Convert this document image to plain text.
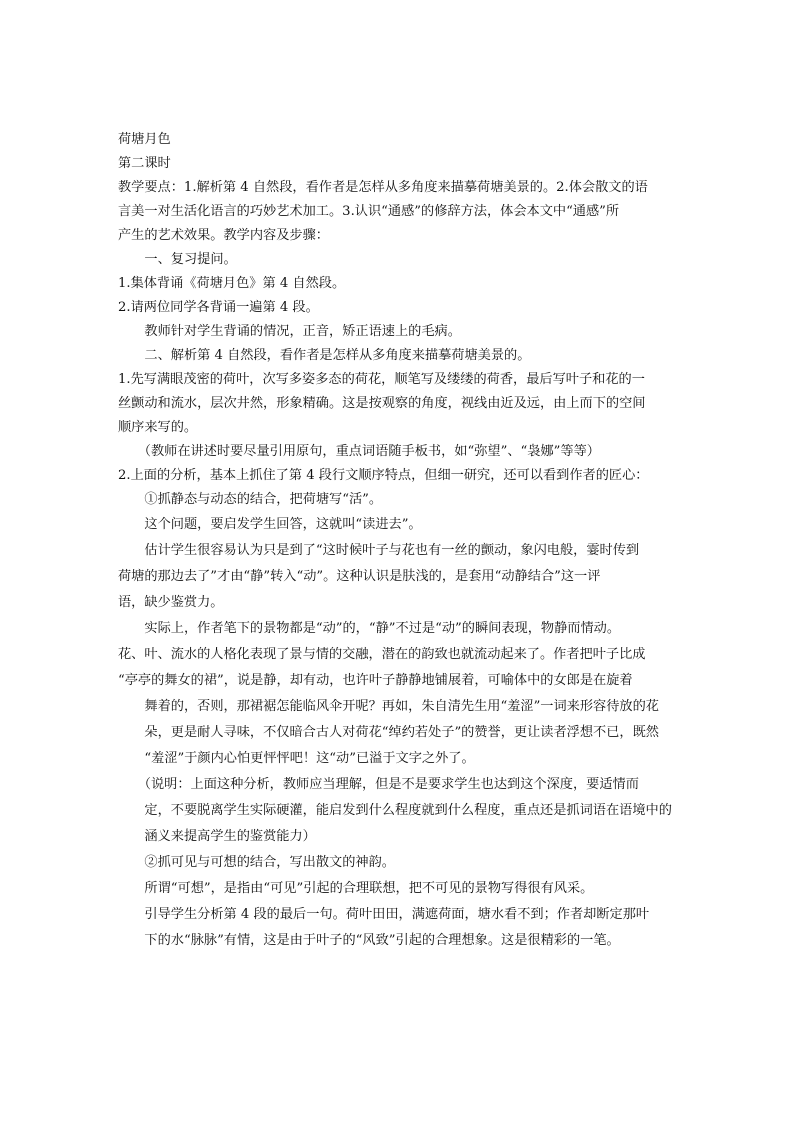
荷塘月色
第二课时
教学要点：1.解析第 4 自然段，看作者是怎样从多角度来描摹荷塘美景的。2.体会散文的语
言美一对生活化语言的巧妙艺术加工。3.认识“通感”的修辞方法，体会本文中“通感”所
产生的艺术效果。教学内容及步骤：
一、复习提问。
1.集体背诵《荷塘月色》第 4 自然段。
2.请两位同学各背诵一遍第 4 段。
教师针对学生背诵的情况，正音，矫正语速上的毛病。
二、解析第 4 自然段，看作者是怎样从多角度来描摹荷塘美景的。
1.先写满眼茂密的荷叶，次写多姿多态的荷花，顺笔写及缕缕的荷香，最后写叶子和花的一
丝颤动和流水，层次井然，形象精确。这是按观察的角度，视线由近及远，由上而下的空间
顺序来写的。
（教师在讲述时要尽量引用原句，重点词语随手板书，如“弥望”、“袅娜”等等）
2.上面的分析，基本上抓住了第 4 段行文顺序特点，但细一研究，还可以看到作者的匠心：
①抓静态与动态的结合，把荷塘写“活”。
这个问题，要启发学生回答，这就叫“读进去”。
估计学生很容易认为只是到了“这时候叶子与花也有一丝的颤动，象闪电般，霎时传到
荷塘的那边去了”才由“静”转入“动”。这种认识是肤浅的，是套用“动静结合”这一评
语，缺少鉴赏力。
实际上，作者笔下的景物都是“动”的，“静”不过是“动”的瞬间表现，物静而情动。
花、叶、流水的人格化表现了景与情的交融，潜在的韵致也就流动起来了。作者把叶子比成
“亭亭的舞女的裙”，说是静，却有动，也许叶子静静地铺展着，可喻体中的女郎是在旋着
舞着的，否则，那裙裾怎能临风伞开呢？再如，朱自清先生用“羞涩”一词来形容待放的花
朵，更是耐人寻味，不仅暗合古人对荷花“绰约若处子”的赞誉，更让读者浮想不已，既然
“羞涩”于颜内心怕更怦怦吧！这“动”已溢于文字之外了。
（说明：上面这种分析，教师应当理解，但是不是要求学生也达到这个深度，要适情而
定，不要脱离学生实际硬灌，能启发到什么程度就到什么程度，重点还是抓词语在语境中的
涵义来提高学生的鉴赏能力）
②抓可见与可想的结合，写出散文的神韵。
所谓“可想”，是指由“可见”引起的合理联想，把不可见的景物写得很有风采。
引导学生分析第 4 段的最后一句。荷叶田田，满遮荷面，塘水看不到；作者却断定那叶
下的水“脉脉”有情，这是由于叶子的“风致”引起的合理想象。这是很精彩的一笔。
